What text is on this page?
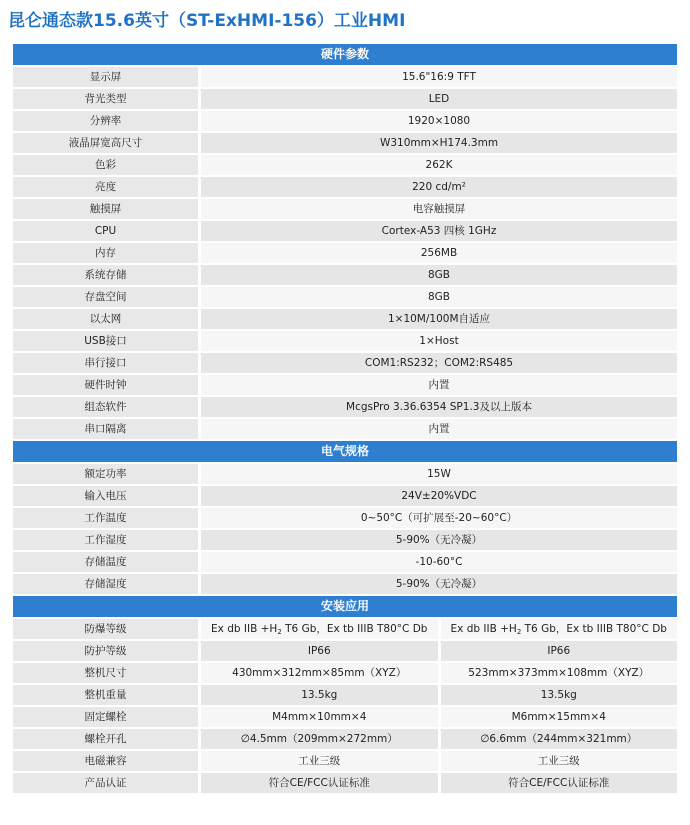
昆仑通态款15.6英寸（ST-ExHMI-156）工业HMI
硬件参数
显示屏	15.6"16:9 TFT
背光类型	LED
分辨率	1920×1080
液晶屏宽高尺寸	W310mm×H174.3mm
色彩	262K
亮度	220 cd/m²
触摸屏	电容触摸屏
CPU	Cortex-A53 四核 1GHz
内存	256MB
系统存储	8GB
存盘空间	8GB
以太网	1×10M/100M自适应
USB接口	1×Host
串行接口	COM1:RS232；COM2:RS485
硬件时钟	内置
组态软件	McgsPro 3.36.6354 SP1.3及以上版本
串口隔离	内置
电气规格
额定功率	15W
输入电压	24V±20%VDC
工作温度	0~50°C（可扩展至-20~60°C）
工作湿度	5-90%（无冷凝）
存储温度	-10-60°C
存储湿度	5-90%（无冷凝）
安装应用
防爆等级	Ex db IIB $+H_2$ T6 Gb，Ex tb IIIB T80°C Db	Ex db IIB $+H_2$ T6 Gb，Ex tb IIIB T80°C Db
防护等级	IP66	IP66
整机尺寸	430mm×312mm×85mm（XYZ）	523mm×373mm×108mm（XYZ）
整机重量	13.5kg	13.5kg
固定螺栓	M4mm×10mm×4	M6mm×15mm×4
螺栓开孔	∅4.5mm（209mm×272mm）	∅6.6mm（244mm×321mm）
电磁兼容	工业三级	工业三级
产品认证	符合CE/FCC认证标准	符合CE/FCC认证标准
